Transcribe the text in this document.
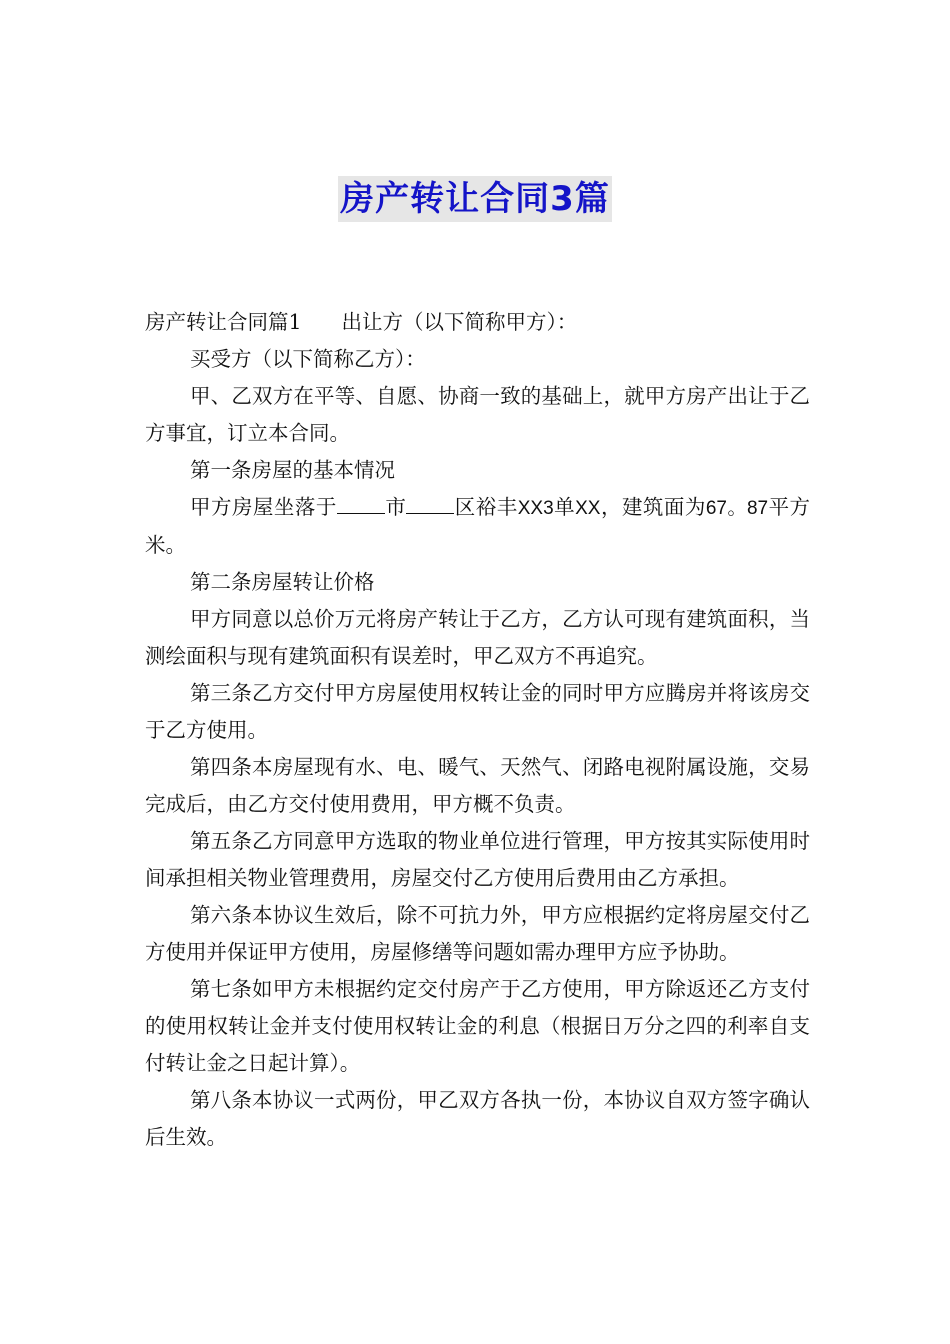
房产转让合同3篇

房产转让合同篇1 出让方（以下简称甲方）：

买受方（以下简称乙方）：

甲、乙双方在平等、自愿、协商一致的基础上，就甲方房产出让于乙方事宜，订立本合同。

第一条房屋的基本情况

甲方房屋坐落于 市 区裕丰XX3单XX，建筑面为67。87平方米。

第二条房屋转让价格

甲方同意以总价万元将房产转让于乙方，乙方认可现有建筑面积，当测绘面积与现有建筑面积有误差时，甲乙双方不再追究。

第三条乙方交付甲方房屋使用权转让金的同时甲方应腾房并将该房交于乙方使用。

第四条本房屋现有水、电、暖气、天然气、闭路电视附属设施，交易完成后，由乙方交付使用费用，甲方概不负责。

第五条乙方同意甲方选取的物业单位进行管理，甲方按其实际使用时间承担相关物业管理费用，房屋交付乙方使用后费用由乙方承担。

第六条本协议生效后，除不可抗力外，甲方应根据约定将房屋交付乙方使用并保证甲方使用，房屋修缮等问题如需办理甲方应予协助。

第七条如甲方未根据约定交付房产于乙方使用，甲方除返还乙方支付的使用权转让金并支付使用权转让金的利息（根据日万分之四的利率自支付转让金之日起计算）。

第八条本协议一式两份，甲乙双方各执一份，本协议自双方签字确认后生效。
